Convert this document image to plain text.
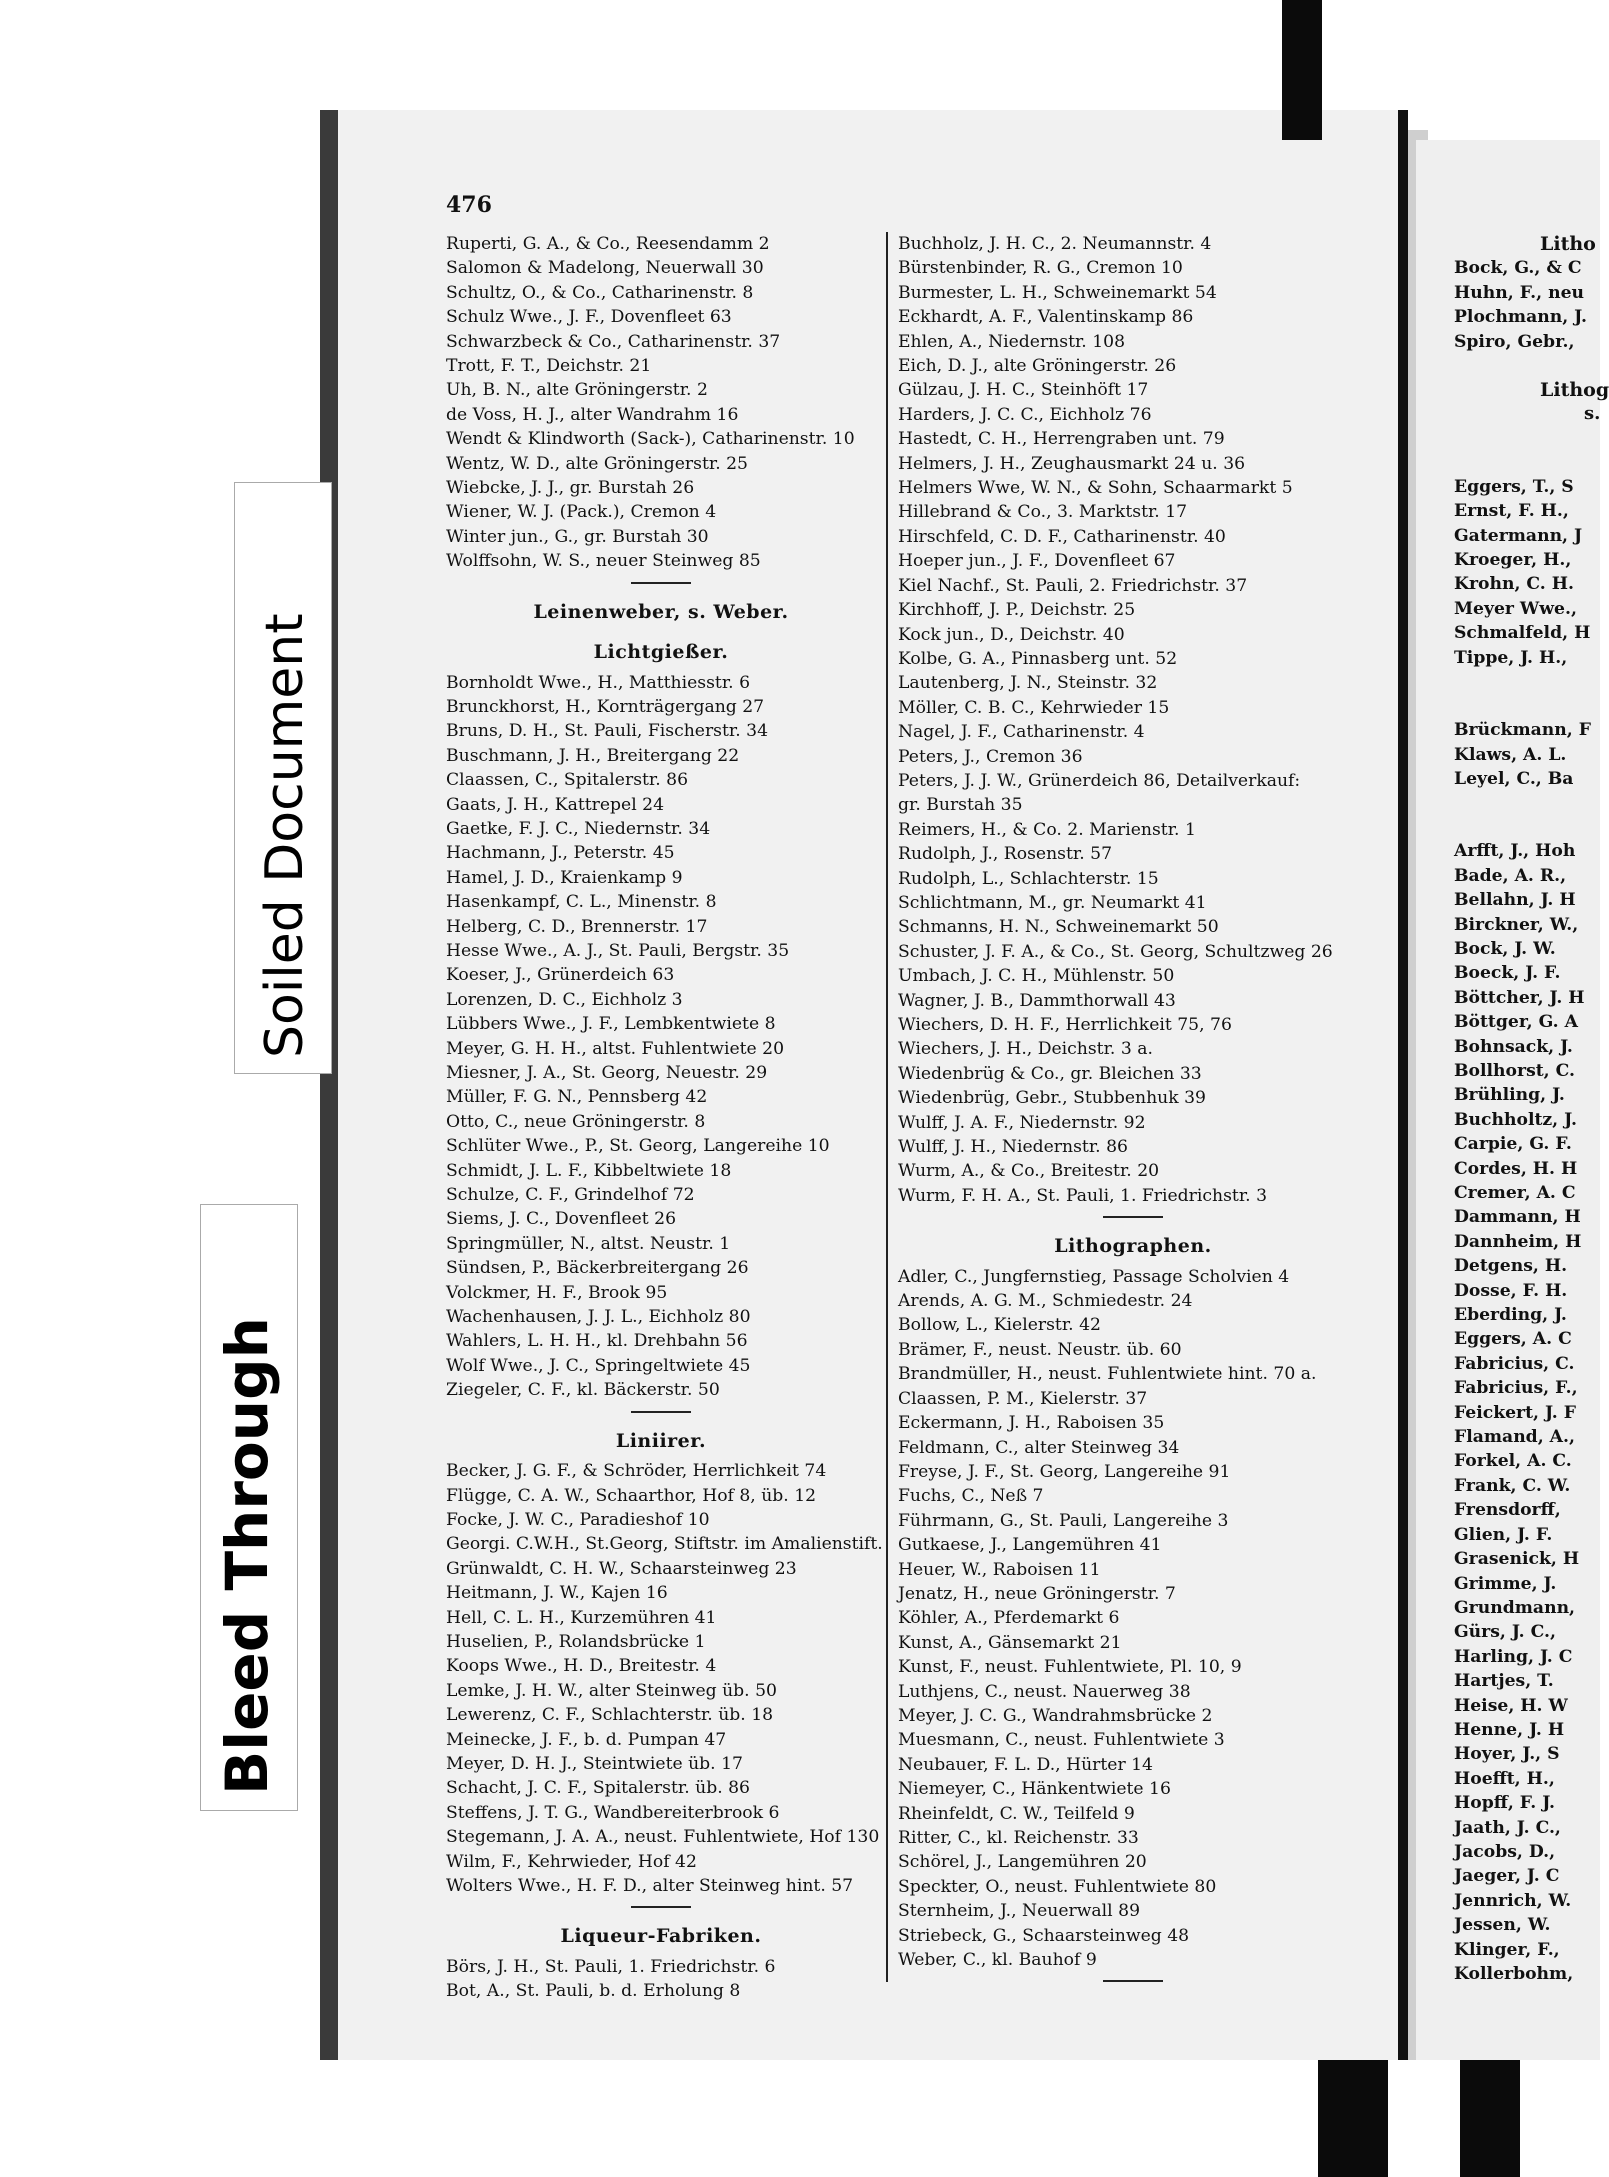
476
Ruperti, G. A., & Co., Reesendamm 2
Salomon & Madelong, Neuerwall 30
Schultz, O., & Co., Catharinenstr. 8
Schulz Wwe., J. F., Dovenfleet 63
Schwarzbeck & Co., Catharinenstr. 37
Trott, F. T., Deichstr. 21
Uh, B. N., alte Gröningerstr. 2
de Voss, H. J., alter Wandrahm 16
Wendt & Klindworth (Sack-), Catharinenstr. 10
Wentz, W. D., alte Gröningerstr. 25
Wiebcke, J. J., gr. Burstah 26
Wiener, W. J. (Pack.), Cremon 4
Winter jun., G., gr. Burstah 30
Wolffsohn, W. S., neuer Steinweg 85
Leinenweber, s. Weber.
Lichtgießer.
Bornholdt Wwe., H., Matthiesstr. 6
Brunckhorst, H., Kornträgergang 27
Bruns, D. H., St. Pauli, Fischerstr. 34
Buschmann, J. H., Breitergang 22
Claassen, C., Spitalerstr. 86
Gaats, J. H., Kattrepel 24
Gaetke, F. J. C., Niedernstr. 34
Hachmann, J., Peterstr. 45
Hamel, J. D., Kraienkamp 9
Hasenkampf, C. L., Minenstr. 8
Helberg, C. D., Brennerstr. 17
Hesse Wwe., A. J., St. Pauli, Bergstr. 35
Koeser, J., Grünerdeich 63
Lorenzen, D. C., Eichholz 3
Lübbers Wwe., J. F., Lembkentwiete 8
Meyer, G. H. H., altst. Fuhlentwiete 20
Miesner, J. A., St. Georg, Neuestr. 29
Müller, F. G. N., Pennsberg 42
Otto, C., neue Gröningerstr. 8
Schlüter Wwe., P., St. Georg, Langereihe 10
Schmidt, J. L. F., Kibbeltwiete 18
Schulze, C. F., Grindelhof 72
Siems, J. C., Dovenfleet 26
Springmüller, N., altst. Neustr. 1
Sündsen, P., Bäckerbreitergang 26
Volckmer, H. F., Brook 95
Wachenhausen, J. J. L., Eichholz 80
Wahlers, L. H. H., kl. Drehbahn 56
Wolf Wwe., J. C., Springeltwiete 45
Ziegeler, C. F., kl. Bäckerstr. 50
Liniirer.
Becker, J. G. F., & Schröder, Herrlichkeit 74
Flügge, C. A. W., Schaarthor, Hof 8, üb. 12
Focke, J. W. C., Paradieshof 10
Georgi. C.W.H., St.Georg, Stiftstr. im Amalienstift.
Grünwaldt, C. H. W., Schaarsteinweg 23
Heitmann, J. W., Kajen 16
Hell, C. L. H., Kurzemühren 41
Huselien, P., Rolandsbrücke 1
Koops Wwe., H. D., Breitestr. 4
Lemke, J. H. W., alter Steinweg üb. 50
Lewerenz, C. F., Schlachterstr. üb. 18
Meinecke, J. F., b. d. Pumpan 47
Meyer, D. H. J., Steintwiete üb. 17
Schacht, J. C. F., Spitalerstr. üb. 86
Steffens, J. T. G., Wandbereiterbrook 6
Stegemann, J. A. A., neust. Fuhlentwiete, Hof 130
Wilm, F., Kehrwieder, Hof 42
Wolters Wwe., H. F. D., alter Steinweg hint. 57
Liqueur-Fabriken.
Börs, J. H., St. Pauli, 1. Friedrichstr. 6
Bot, A., St. Pauli, b. d. Erholung 8
Buchholz, J. H. C., 2. Neumannstr. 4
Bürstenbinder, R. G., Cremon 10
Burmester, L. H., Schweinemarkt 54
Eckhardt, A. F., Valentinskamp 86
Ehlen, A., Niedernstr. 108
Eich, D. J., alte Gröningerstr. 26
Gülzau, J. H. C., Steinhöft 17
Harders, J. C. C., Eichholz 76
Hastedt, C. H., Herrengraben unt. 79
Helmers, J. H., Zeughausmarkt 24 u. 36
Helmers Wwe, W. N., & Sohn, Schaarmarkt 5
Hillebrand & Co., 3. Marktstr. 17
Hirschfeld, C. D. F., Catharinenstr. 40
Hoeper jun., J. F., Dovenfleet 67
Kiel Nachf., St. Pauli, 2. Friedrichstr. 37
Kirchhoff, J. P., Deichstr. 25
Kock jun., D., Deichstr. 40
Kolbe, G. A., Pinnasberg unt. 52
Lautenberg, J. N., Steinstr. 32
Möller, C. B. C., Kehrwieder 15
Nagel, J. F., Catharinenstr. 4
Peters, J., Cremon 36
Peters, J. J. W., Grünerdeich 86, Detailverkauf:
gr. Burstah 35
Reimers, H., & Co. 2. Marienstr. 1
Rudolph, J., Rosenstr. 57
Rudolph, L., Schlachterstr. 15
Schlichtmann, M., gr. Neumarkt 41
Schmanns, H. N., Schweinemarkt 50
Schuster, J. F. A., & Co., St. Georg, Schultzweg 26
Umbach, J. C. H., Mühlenstr. 50
Wagner, J. B., Dammthorwall 43
Wiechers, D. H. F., Herrlichkeit 75, 76
Wiechers, J. H., Deichstr. 3 a.
Wiedenbrüg & Co., gr. Bleichen 33
Wiedenbrüg, Gebr., Stubbenhuk 39
Wulff, J. A. F., Niedernstr. 92
Wulff, J. H., Niedernstr. 86
Wurm, A., & Co., Breitestr. 20
Wurm, F. H. A., St. Pauli, 1. Friedrichstr. 3
Lithographen.
Adler, C., Jungfernstieg, Passage Scholvien 4
Arends, A. G. M., Schmiedestr. 24
Bollow, L., Kielerstr. 42
Brämer, F., neust. Neustr. üb. 60
Brandmüller, H., neust. Fuhlentwiete hint. 70 a.
Claassen, P. M., Kielerstr. 37
Eckermann, J. H., Raboisen 35
Feldmann, C., alter Steinweg 34
Freyse, J. F., St. Georg, Langereihe 91
Fuchs, C., Neß 7
Führmann, G., St. Pauli, Langereihe 3
Gutkaese, J., Langemühren 41
Heuer, W., Raboisen 11
Jenatz, H., neue Gröningerstr. 7
Köhler, A., Pferdemarkt 6
Kunst, A., Gänsemarkt 21
Kunst, F., neust. Fuhlentwiete, Pl. 10, 9
Luthjens, C., neust. Nauerweg 38
Meyer, J. C. G., Wandrahmsbrücke 2
Muesmann, C., neust. Fuhlentwiete 3
Neubauer, F. L. D., Hürter 14
Niemeyer, C., Hänkentwiete 16
Rheinfeldt, C. W., Teilfeld 9
Ritter, C., kl. Reichenstr. 33
Schörel, J., Langemühren 20
Speckter, O., neust. Fuhlentwiete 80
Sternheim, J., Neuerwall 89
Striebeck, G., Schaarsteinweg 48
Weber, C., kl. Bauhof 9
Litho
Bock, G., & C
Huhn, F., neu
Plochmann, J.
Spiro, Gebr.,
Lithog
s.
Eggers, T., S
Ernst, F. H.,
Gatermann, J
Kroeger, H.,
Krohn, C. H.
Meyer Wwe.,
Schmalfeld, H
Tippe, J. H.,
Brückmann, F
Klaws, A. L.
Leyel, C., Ba
Arfft, J., Hoh
Bade, A. R.,
Bellahn, J. H
Birckner, W.,
Bock, J. W.
Boeck, J. F.
Böttcher, J. H
Böttger, G. A
Bohnsack, J.
Bollhorst, C.
Brühling, J.
Buchholtz, J.
Carpie, G. F.
Cordes, H. H
Cremer, A. C
Dammann, H
Dannheim, H
Detgens, H.
Dosse, F. H.
Eberding, J.
Eggers, A. C
Fabricius, C.
Fabricius, F.,
Feickert, J. F
Flamand, A.,
Forkel, A. C.
Frank, C. W.
Frensdorff,
Glien, J. F.
Grasenick, H
Grimme, J.
Grundmann,
Gürs, J. C.,
Harling, J. C
Hartjes, T.
Heise, H. W
Henne, J. H
Hoyer, J., S
Hoefft, H.,
Hopff, F. J.
Jaath, J. C.,
Jacobs, D.,
Jaeger, J. C
Jennrich, W.
Jessen, W.
Klinger, F.,
Kollerbohm,
Soiled Document
Bleed Through
